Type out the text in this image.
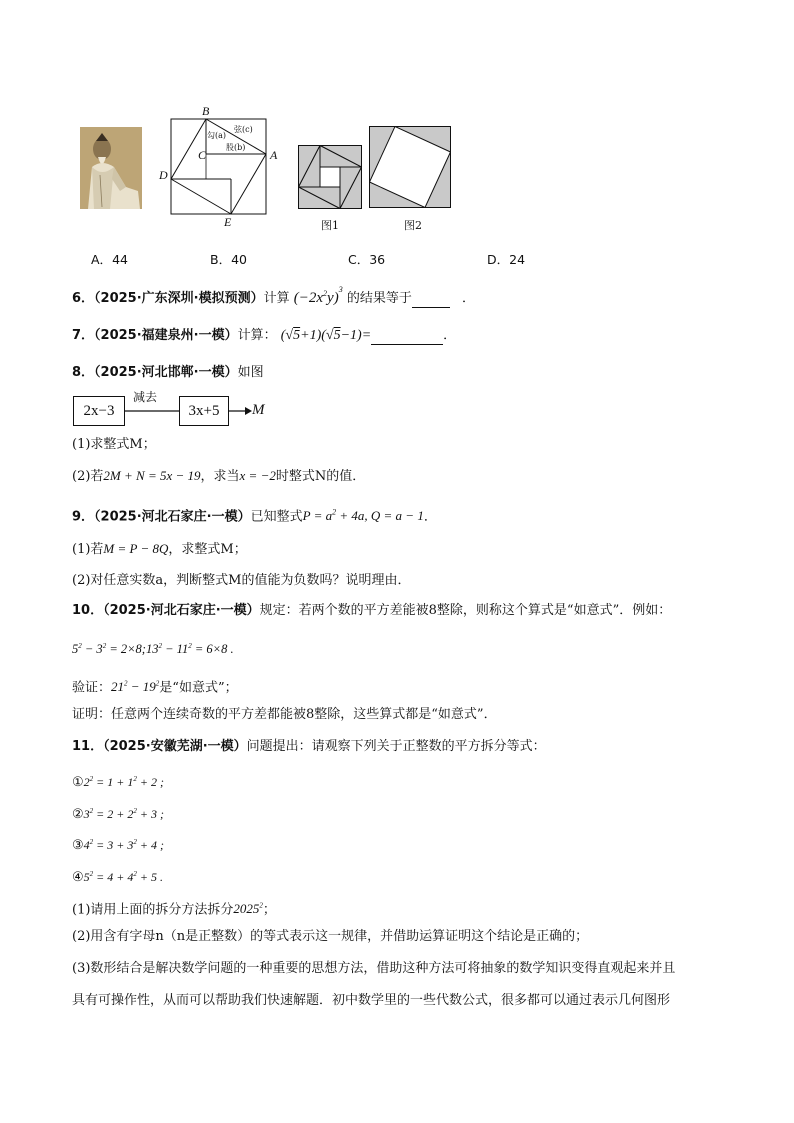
B
A
D
E
C
勾(a)
股(b)
弦(c)
图1	图2
A．44	B．40	C．36	D．24
6．（2025·广东深圳·模拟预测）计算 $(-2x^2y)^3$ 的结果等于	．
7．（2025·福建泉州·一模）计算： (√5+1)(√5−1)=	．
8．（2025·河北邯郸·一模）如图
2x−3
减去
3x+5	M
(1)求整式M；
(2)若2M + N = 5x − 19，求当x = −2时整式N的值．
9．（2025·河北石家庄·一模）已知整式$P = a^2 + 4a$, Q = a − 1．
(1)若M = P − 8Q，求整式M；
(2)对任意实数a，判断整式M的值能为负数吗？说明理由．
10．（2025·河北石家庄·一模）规定：若两个数的平方差能被8整除，则称这个算式是“如意式”．例如：
$5^2 - 3^2$ = $2\times 8;13^2 - 11^2 = 6\times 8$ .
验证：$21^2 - 19^2$是“如意式”；
证明：任意两个连续奇数的平方差都能被8整除，这些算式都是“如意式”．
11．（2025·安徽芜湖·一模）问题提出：请观察下列关于正整数的平方拆分等式：
$①2^2 = 1 + 1^2 + 2$ ;
$②3^2 = 2 + 2^2 + 3$ ;
$③4^2 = 3 + 3^2 + 4$ ;
$④5^2 = 4 + 4^2 + 5$ .
(1)请用上面的拆分方法拆分2025$^2$；
(2)用含有字母n（n是正整数）的等式表示这一规律，并借助运算证明这个结论是正确的；
(3)数形结合是解决数学问题的一种重要的思想方法，借助这种方法可将抽象的数学知识变得直观起来并且
具有可操作性，从而可以帮助我们快速解题．初中数学里的一些代数公式，很多都可以通过表示几何图形
